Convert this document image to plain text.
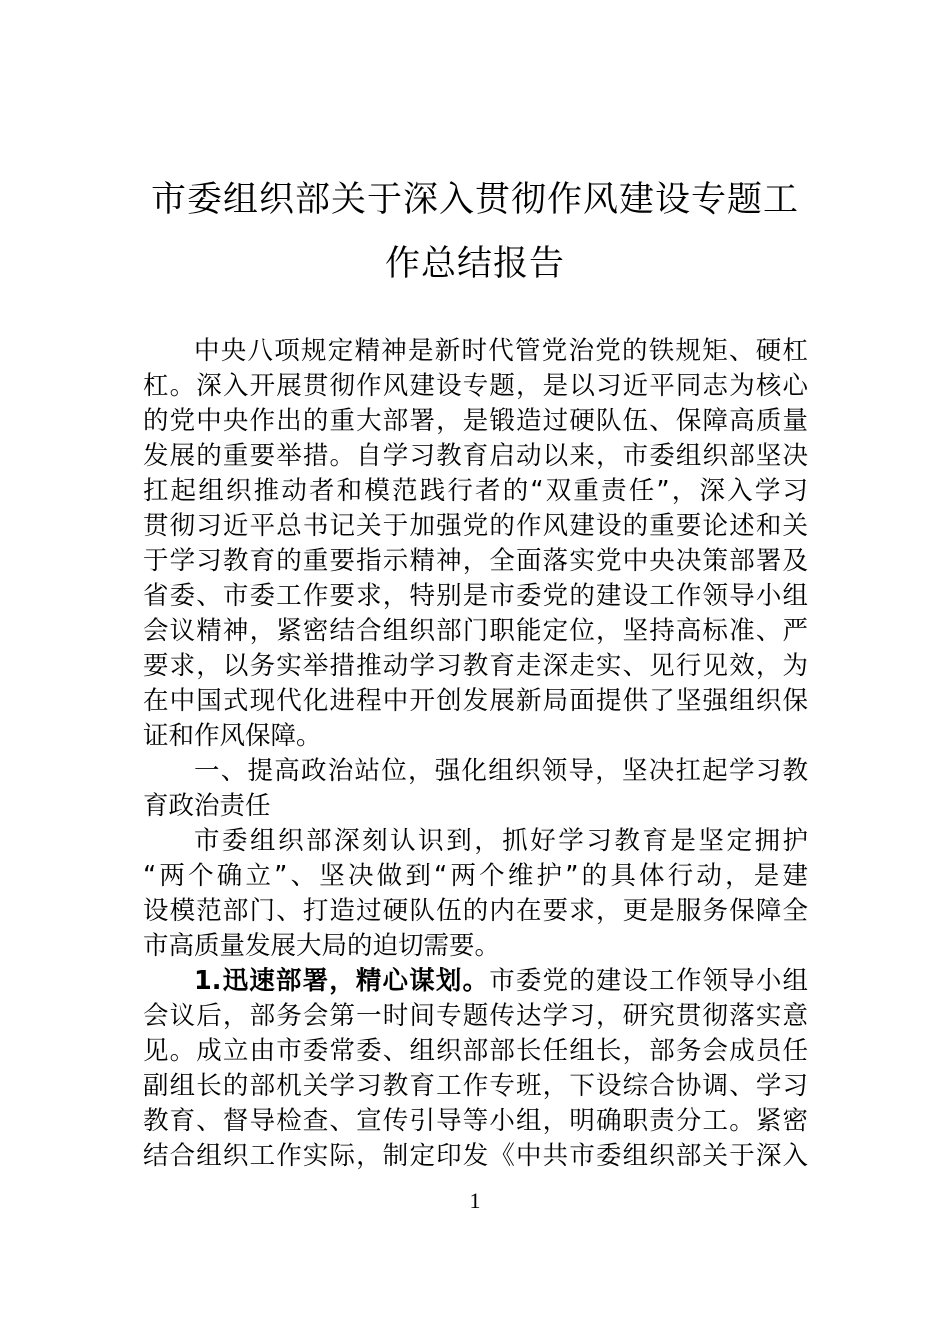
市委组织部关于深入贯彻作风建设专题工
作总结报告
中央八项规定精神是新时代管党治党的铁规矩、硬杠
杠。深入开展贯彻作风建设专题，是以习近平同志为核心
的党中央作出的重大部署，是锻造过硬队伍、保障高质量
发展的重要举措。自学习教育启动以来，市委组织部坚决
扛起组织推动者和模范践行者的“双重责任”，深入学习
贯彻习近平总书记关于加强党的作风建设的重要论述和关
于学习教育的重要指示精神，全面落实党中央决策部署及
省委、市委工作要求，特别是市委党的建设工作领导小组
会议精神，紧密结合组织部门职能定位，坚持高标准、严
要求，以务实举措推动学习教育走深走实、见行见效，为
在中国式现代化进程中开创发展新局面提供了坚强组织保
证和作风保障。
一、提高政治站位，强化组织领导，坚决扛起学习教
育政治责任
市委组织部深刻认识到，抓好学习教育是坚定拥护
“两个确立”、坚决做到“两个维护”的具体行动，是建
设模范部门、打造过硬队伍的内在要求，更是服务保障全
市高质量发展大局的迫切需要。
1.迅速部署，精心谋划。市委党的建设工作领导小组
会议后，部务会第一时间专题传达学习，研究贯彻落实意
见。成立由市委常委、组织部部长任组长，部务会成员任
副组长的部机关学习教育工作专班，下设综合协调、学习
教育、督导检查、宣传引导等小组，明确职责分工。紧密
结合组织工作实际，制定印发《中共市委组织部关于深入
1
